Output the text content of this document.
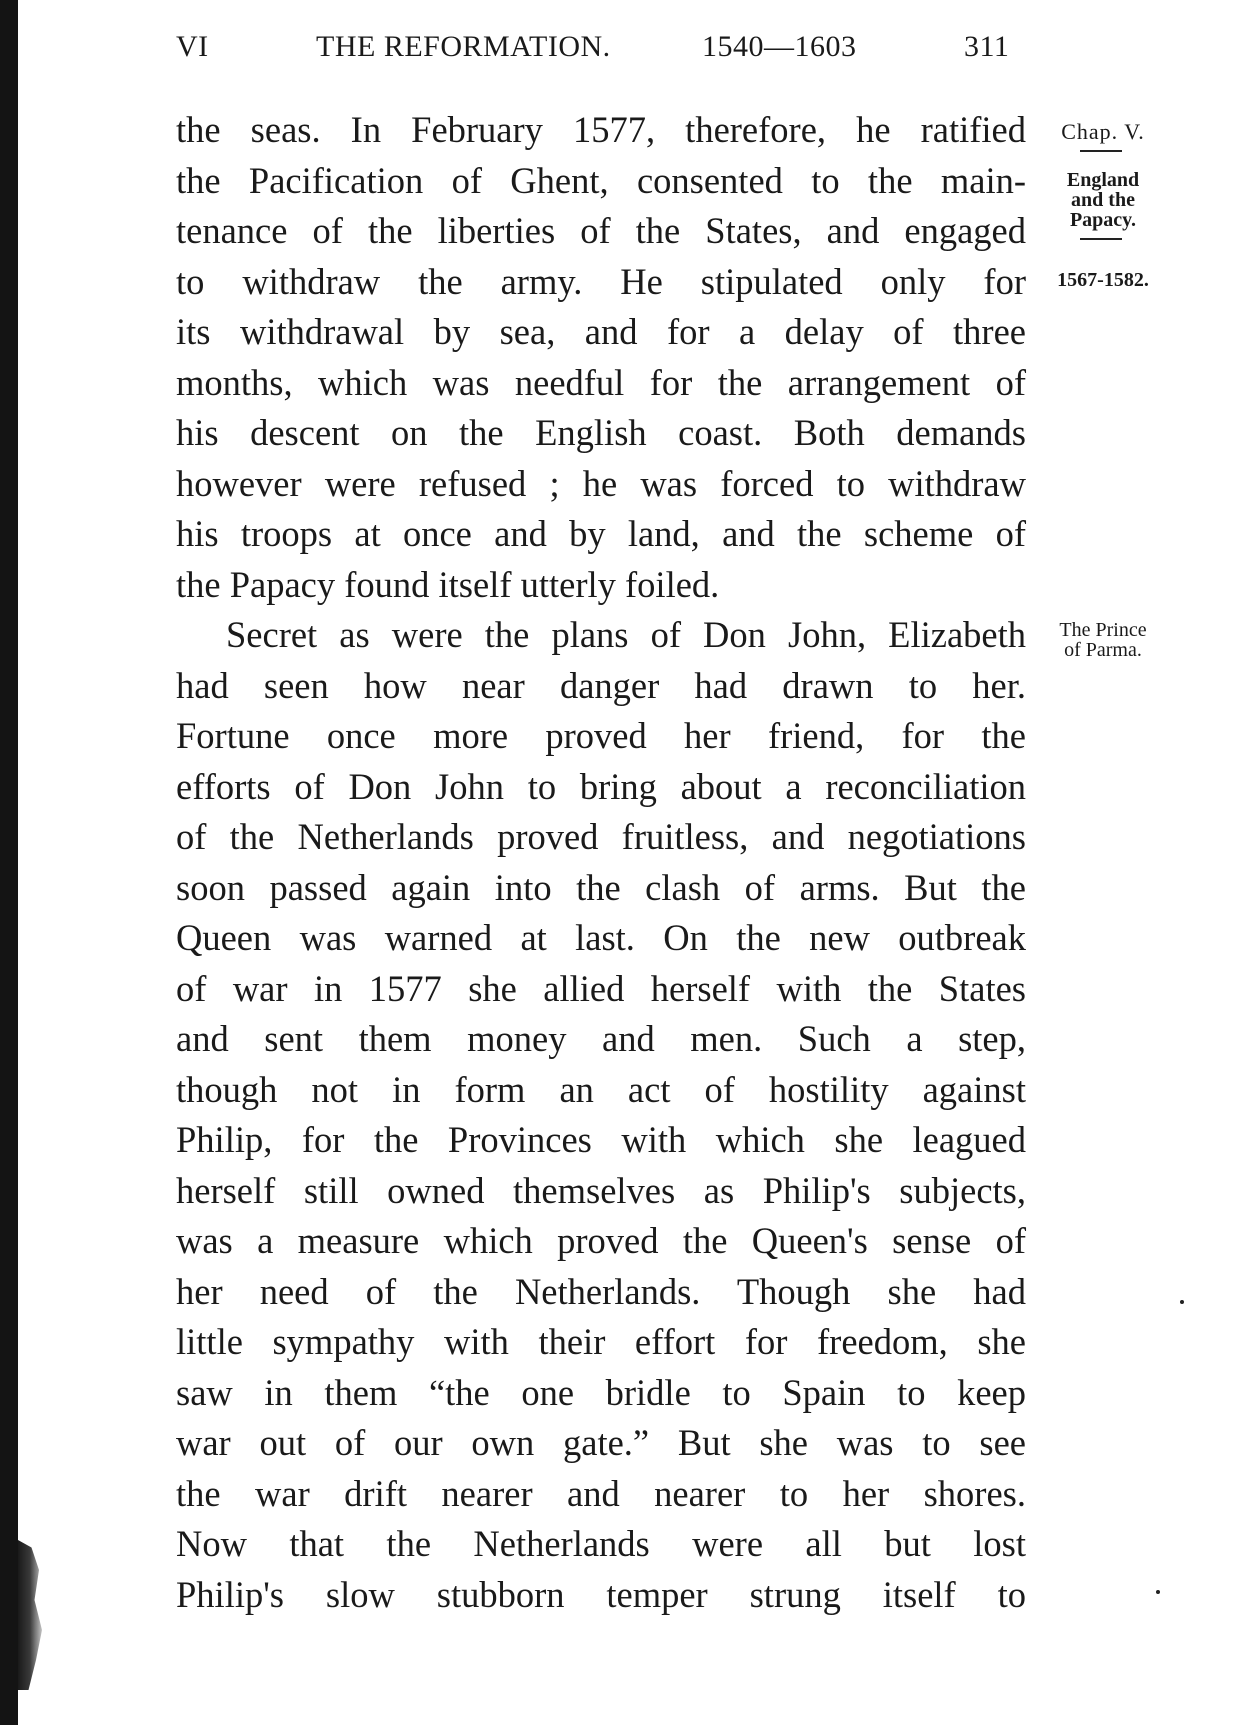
VI	THE REFORMATION.	1540—1603	311
Chap. V.
England
and the
Papacy.
1567-1582.
The Prince
of Parma.
the seas. In February 1577, therefore, he ratified
the Pacification of Ghent, consented to the main-
tenance of the liberties of the States, and engaged
to withdraw the army. He stipulated only for
its withdrawal by sea, and for a delay of three
months, which was needful for the arrangement of
his descent on the English coast. Both demands
however were refused ; he was forced to withdraw
his troops at once and by land, and the scheme of
the Papacy found itself utterly foiled.
Secret as were the plans of Don John, Elizabeth
had seen how near danger had drawn to her.
Fortune once more proved her friend, for the
efforts of Don John to bring about a reconciliation
of the Netherlands proved fruitless, and negotiations
soon passed again into the clash of arms. But the
Queen was warned at last. On the new outbreak
of war in 1577 she allied herself with the States
and sent them money and men. Such a step,
though not in form an act of hostility against
Philip, for the Provinces with which she leagued
herself still owned themselves as Philip's subjects,
was a measure which proved the Queen's sense of
her need of the Netherlands. Though she had
little sympathy with their effort for freedom, she
saw in them “the one bridle to Spain to keep
war out of our own gate.” But she was to see
the war drift nearer and nearer to her shores.
Now that the Netherlands were all but lost
Philip's slow stubborn temper strung itself to
